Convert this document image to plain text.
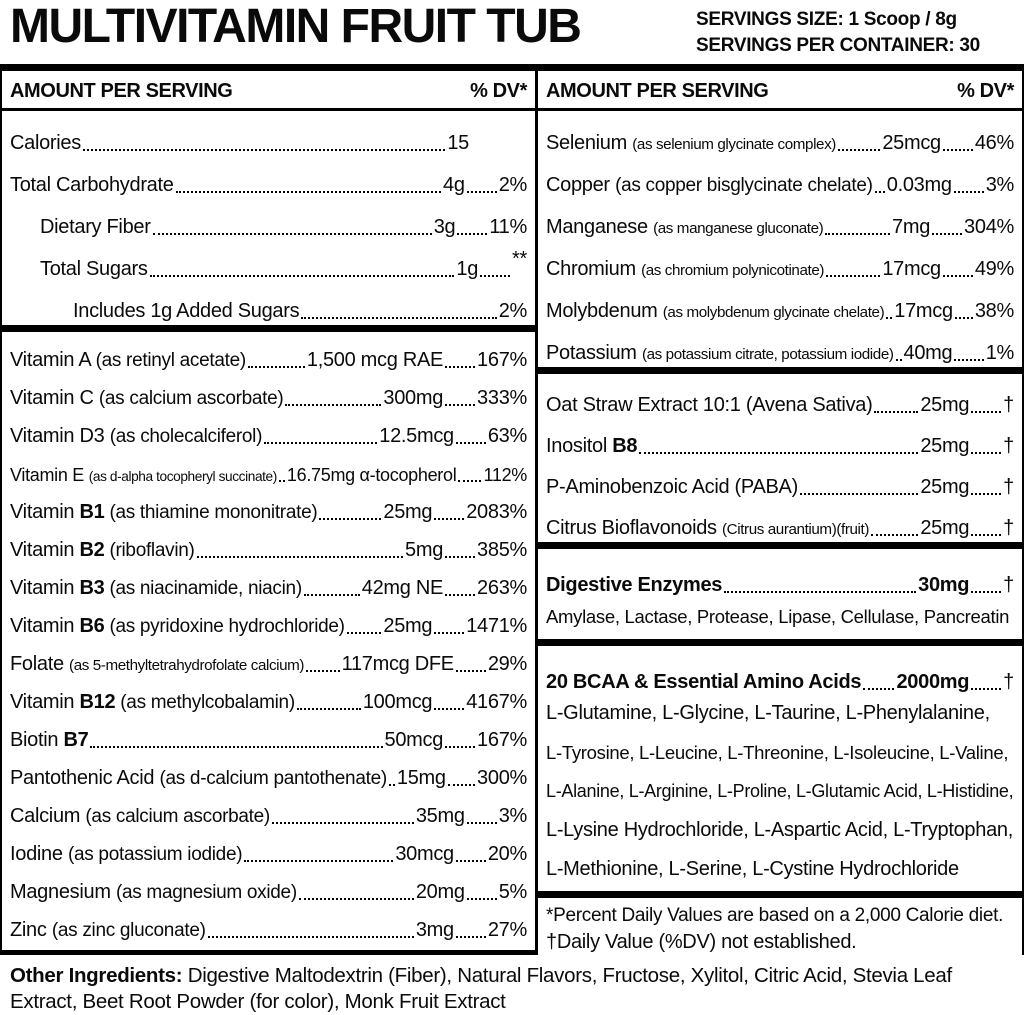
MULTIVITAMIN FRUIT TUB	SERVINGS SIZE: 1 Scoop / 8g
SERVINGS PER CONTAINER: 30
AMOUNT PER SERVING	% DV*
Calories	15
Total Carbohydrate	4g 2%
Dietary Fiber	3g 11%
Total Sugars	1g **
Includes 1g Added Sugars	2%
Vitamin A (as retinyl acetate)	1,500 mcg RAE 167%
Vitamin C (as calcium ascorbate)	300mg 333%
Vitamin D3 (as cholecalciferol)	12.5mcg 63%
Vitamin E (as d-alpha tocopheryl succinate) 16.75mg α-tocopherol 112%
Vitamin B1 (as thiamine mononitrate)	25mg 2083%
Vitamin B2 (riboflavin)	5mg 385%
Vitamin B3 (as niacinamide, niacin)	42mg NE 263%
Vitamin B6 (as pyridoxine hydrochloride) 25mg 1471%
Folate (as 5-methyltetrahydrofolate calcium) 117mcg DFE 29%
Vitamin B12 (as methylcobalamin)	100mcg 4167%
Biotin B7	50mcg 167%
Pantothenic Acid (as d-calcium pantothenate) 15mg 300%
Calcium (as calcium ascorbate)	35mg 3%
Iodine (as potassium iodide)	30mcg 20%
Magnesium (as magnesium oxide)	20mg 5%
Zinc (as zinc gluconate)	3mg 27%
AMOUNT PER SERVING	% DV*
Selenium (as selenium glycinate complex) 25mcg 46%
Copper (as copper bisglycinate chelate) 0.03mg 3%
Manganese (as manganese gluconate)	7mg 304%
Chromium (as chromium polynicotinate)	17mcg 49%
Molybdenum (as molybdenum glycinate chelate) 17mcg 38%
Potassium (as potassium citrate, potassium iodide) 40mg 1%
Oat Straw Extract 10:1 (Avena Sativa) 25mg †
Inositol B8	25mg †
P-Aminobenzoic Acid (PABA)	25mg †
Citrus Bioflavonoids (Citrus aurantium)(fruit)	25mg †
Digestive Enzymes	30mg †
Amylase, Lactase, Protease, Lipase, Cellulase, Pancreatin
20 BCAA & Essential Amino Acids 2000mg †
L-Glutamine, L-Glycine, L-Taurine, L-Phenylalanine,
L-Tyrosine, L-Leucine, L-Threonine, L-Isoleucine, L-Valine,
L-Alanine, L-Arginine, L-Proline, L-Glutamic Acid, L-Histidine,
L-Lysine Hydrochloride, L-Aspartic Acid, L-Tryptophan,
L-Methionine, L-Serine, L-Cystine Hydrochloride
*Percent Daily Values are based on a 2,000 Calorie diet.
†Daily Value (%DV) not established.
Other Ingredients: Digestive Maltodextrin (Fiber), Natural Flavors, Fructose, Xylitol, Citric Acid, Stevia Leaf Extract, Beet Root Powder (for color), Monk Fruit Extract
